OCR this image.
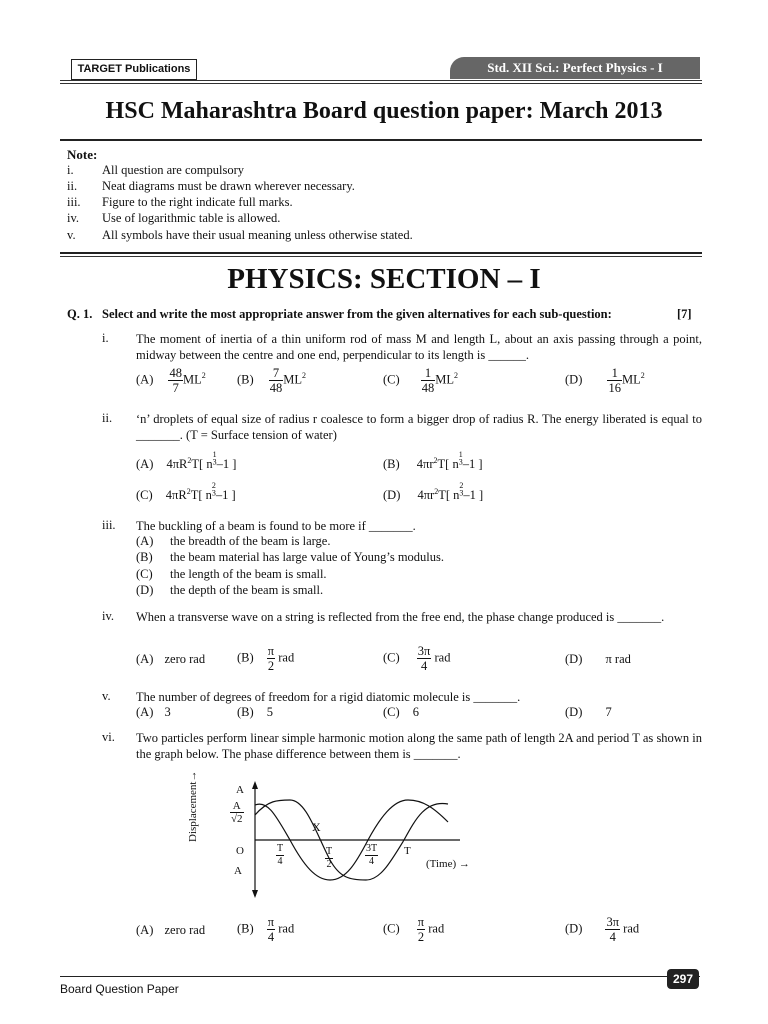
TARGET Publications	Std. XII Sci.: Perfect Physics - I
HSC Maharashtra Board question paper: March 2013
Note:
i. All question are compulsory
ii. Neat diagrams must be drawn wherever necessary.
iii. Figure to the right indicate full marks.
iv. Use of logarithmic table is allowed.
v. All symbols have their usual meaning unless otherwise stated.
PHYSICS: SECTION – I
Q. 1. Select and write the most appropriate answer from the given alternatives for each sub-question:	[7]
i. The moment of inertia of a thin uniform rod of mass M and length L, about an axis passing through a point, midway between the centre and one end, perpendicular to its length is ______.
$(A) \frac{48}{7} ML^2$	$(B) \frac{7}{48} ML^2$	$(C) \frac{1}{48} ML^2$	$(D) \frac{1}{16} ML^2$
ii. ‘n’ droplets of equal size of radius r coalesce to form a bigger drop of radius R. The energy liberated is equal to _______. (T = Surface tension of water)
(A) $4\pi R^2T$[ n
1
3–1 ]	(B) $4\pi r^2T$[ n
1
3–1 ]
(C) $4\pi R^2T$[ n
2
3–1 ]	(D) $4\pi r^2T$[ n
2
3–1 ]
iii. The buckling of a beam is found to be more if _______.
(A) the breadth of the beam is large.
(B) the beam material has large value of Young’s modulus.
(C) the length of the beam is small.
(D) the depth of the beam is small.
iv. When a transverse wave on a string is reflected from the free end, the phase change produced is _______.
(A) zero rad	$(B) \frac{\pi}{2}$ rad	$(C) \frac{3\pi}{4}$ rad	(D) π rad
v. The number of degrees of freedom for a rigid diatomic molecule is _______.
(A) 3	(B) 5	(C) 6	(D) 7
vi. Two particles perform linear simple harmonic motion along the same path of length 2A and period T as shown in the graph below. The phase difference between them is _______.
Displacement→	A
$\frac{A}{√2}$
O
A
X
$\frac{T}{4}$	$\frac{T}{2}$	$\frac{3T}{4}$ T
(Time) →
(A) zero rad	$(B) \frac{\pi}{4}$ rad	$(C) \frac{\pi}{2}$ rad	$(D) \frac{3\pi}{4}$ rad
297
Board Question Paper
